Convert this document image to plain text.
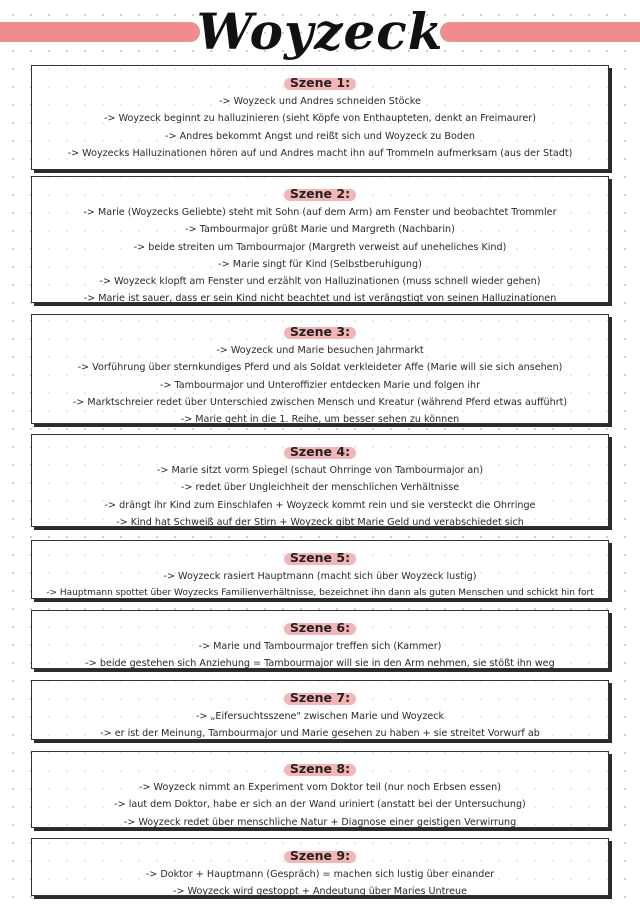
Woyzeck
Szene 1:
-> Woyzeck und Andres schneiden Stöcke
-> Woyzeck beginnt zu halluzinieren (sieht Köpfe von Enthaupteten, denkt an Freimaurer)
-> Andres bekommt Angst und reißt sich und Woyzeck zu Boden
-> Woyzecks Halluzinationen hören auf und Andres macht ihn auf Trommeln aufmerksam (aus der Stadt)
Szene 2:
-> Marie (Woyzecks Geliebte) steht mit Sohn (auf dem Arm) am Fenster und beobachtet Trommler
-> Tambourmajor grüßt Marie und Margreth (Nachbarin)
-> beide streiten um Tambourmajor (Margreth verweist auf uneheliches Kind)
-> Marie singt für Kind (Selbstberuhigung)
-> Woyzeck klopft am Fenster und erzählt von Halluzinationen (muss schnell wieder gehen)
-> Marie ist sauer, dass er sein Kind nicht beachtet und ist verängstigt von seinen Halluzinationen
Szene 3:
-> Woyzeck und Marie besuchen Jahrmarkt
-> Vorführung über sternkundiges Pferd und als Soldat verkleideter Affe (Marie will sie sich ansehen)
-> Tambourmajor und Unteroffizier entdecken Marie und folgen ihr
-> Marktschreier redet über Unterschied zwischen Mensch und Kreatur (während Pferd etwas aufführt)
-> Marie geht in die 1. Reihe, um besser sehen zu können
Szene 4:
-> Marie sitzt vorm Spiegel (schaut Ohrringe von Tambourmajor an)
-> redet über Ungleichheit der menschlichen Verhältnisse
-> drängt ihr Kind zum Einschlafen + Woyzeck kommt rein und sie versteckt die Ohrringe
-> Kind hat Schweiß auf der Stirn + Woyzeck gibt Marie Geld und verabschiedet sich
Szene 5:
-> Woyzeck rasiert Hauptmann (macht sich über Woyzeck lustig)
-> Hauptmann spottet über Woyzecks Familienverhältnisse, bezeichnet ihn dann als guten Menschen und schickt hin fort
Szene 6:
-> Marie und Tambourmajor treffen sich (Kammer)
-> beide gestehen sich Anziehung = Tambourmajor will sie in den Arm nehmen, sie stößt ihn weg
Szene 7:
-> „Eifersuchtsszene" zwischen Marie und Woyzeck
-> er ist der Meinung, Tambourmajor und Marie gesehen zu haben + sie streitet Vorwurf ab
Szene 8:
-> Woyzeck nimmt an Experiment vom Doktor teil (nur noch Erbsen essen)
-> laut dem Doktor, habe er sich an der Wand uriniert (anstatt bei der Untersuchung)
-> Woyzeck redet über menschliche Natur + Diagnose einer geistigen Verwirrung
Szene 9:
-> Doktor + Hauptmann (Gespräch) = machen sich lustig über einander
-> Woyzeck wird gestoppt + Andeutung über Maries Untreue
